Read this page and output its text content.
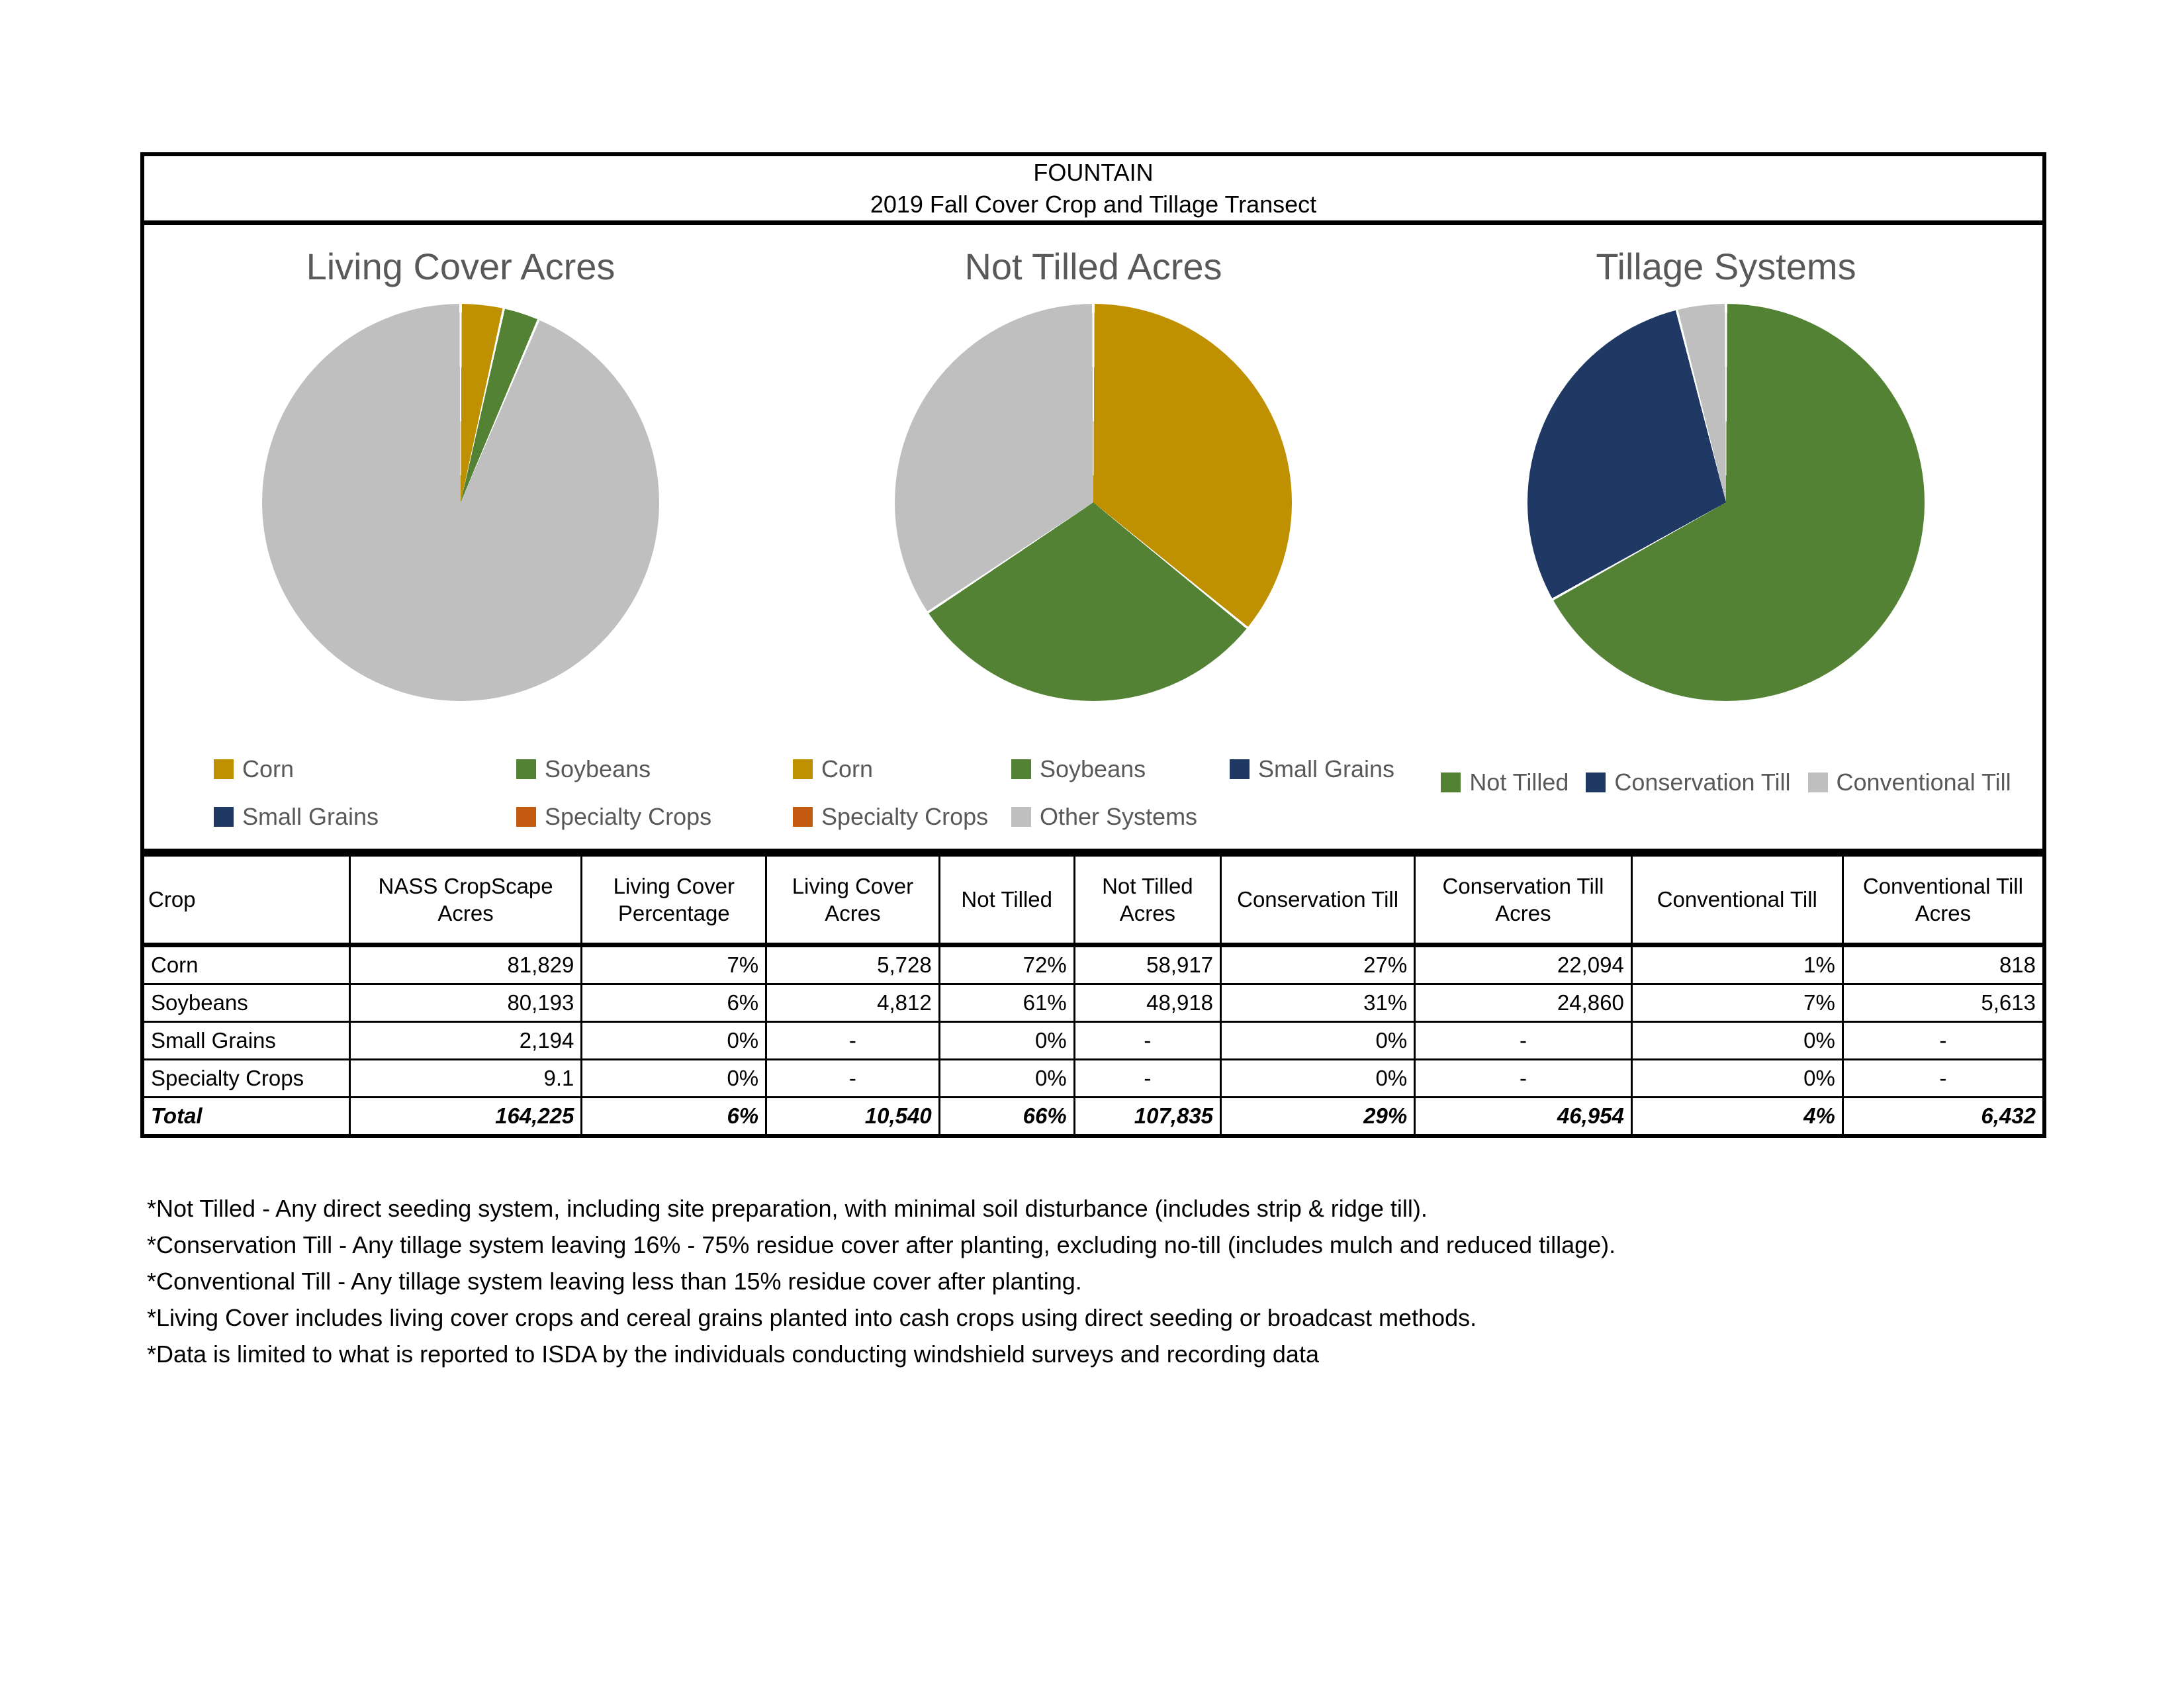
FOUNTAIN
2019 Fall Cover Crop and Tillage Transect
Living Cover Acres
Corn	Soybeans
Small Grains	Specialty Crops
Not Tilled Acres
Corn	Soybeans	Small Grains
Specialty Crops Other Systems
Tillage Systems
Not Tilled Conservation Till Conventional Till
Crop	NASS CropScape Acres	Living Cover Percentage	Living Cover Acres	Not Tilled	Not Tilled Acres	Conservation Till	Conservation Till Acres	Conventional Till	Conventional Till Acres
Corn	81,829	7%	5,728	72%	58,917	27%	22,094	1%	818
Soybeans	80,193	6%	4,812	61%	48,918	31%	24,860	7%	5,613
Small Grains	2,194	0%	-	0%	-	0%	-	0%	-
Specialty Crops	9.1	0%	-	0%	-	0%	-	0%	-
Total	164,225	6%	10,540	66%	107,835	29%	46,954	4%	6,432
*Not Tilled - Any direct seeding system, including site preparation, with minimal soil disturbance (includes strip & ridge till).
*Conservation Till - Any tillage system leaving 16% - 75% residue cover after planting, excluding no-till (includes mulch and reduced tillage).
*Conventional Till - Any tillage system leaving less than 15% residue cover after planting.
*Living Cover includes living cover crops and cereal grains planted into cash crops using direct seeding or broadcast methods.
*Data is limited to what is reported to ISDA by the individuals conducting windshield surveys and recording data
